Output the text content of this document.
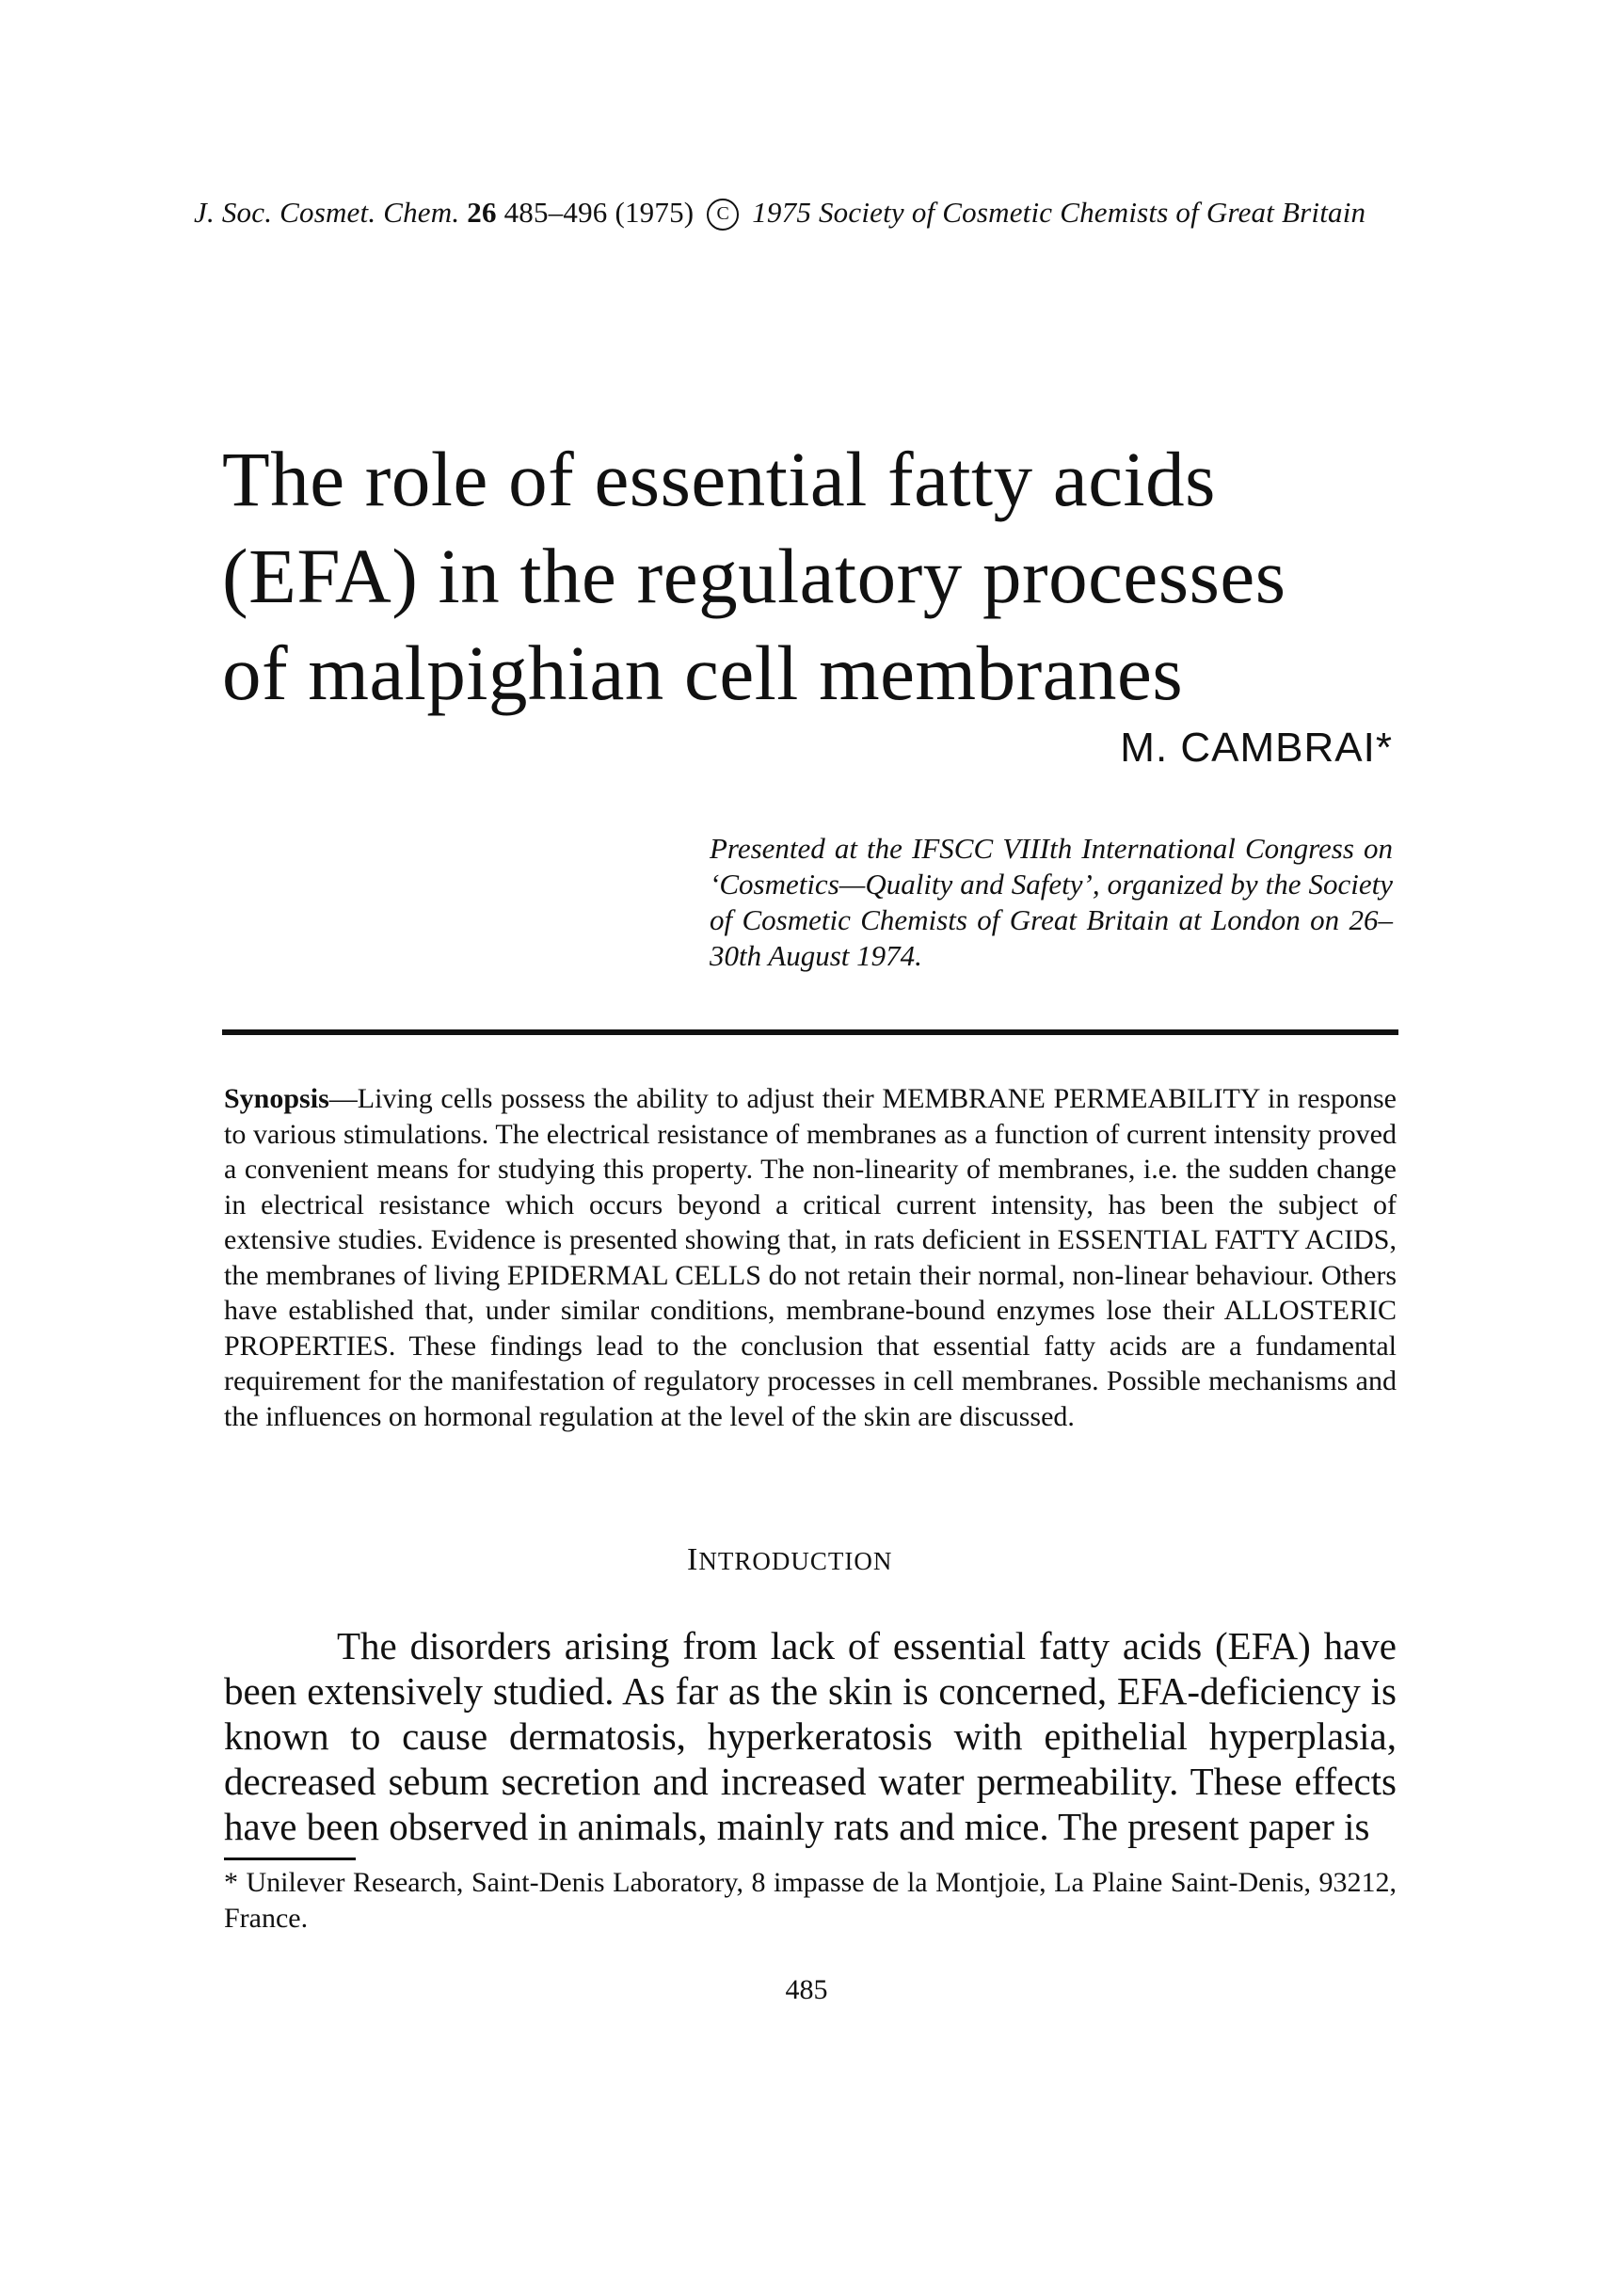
J. Soc. Cosmet. Chem. 26 485–496 (1975) C 1975 Society of Cosmetic Chemists of Great Britain
The role of essential fatty acids
(EFA) in the regulatory processes
of malpighian cell membranes
M. CAMBRAI*
Presented at the IFSCC VIIIth International Congress on ‘Cosmetics—Quality and Safety’, organized by the Society of Cosmetic Chemists of Great Britain at London on 26–30th August 1974.
Synopsis—Living cells possess the ability to adjust their MEMBRANE PERMEABILITY in response to various stimulations. The electrical resistance of membranes as a function of current intensity proved a convenient means for studying this property. The non-linearity of membranes, i.e. the sudden change in electrical resistance which occurs beyond a critical current intensity, has been the subject of extensive studies. Evidence is presented showing that, in rats deficient in ESSENTIAL FATTY ACIDS, the membranes of living EPIDERMAL CELLS do not retain their normal, non-linear behaviour. Others have established that, under similar conditions, membrane-bound enzymes lose their ALLOSTERIC PROPERTIES. These findings lead to the conclusion that essential fatty acids are a fundamental requirement for the manifestation of regulatory processes in cell membranes. Possible mechanisms and the influences on hormonal regulation at the level of the skin are discussed.
INTRODUCTION
The disorders arising from lack of essential fatty acids (EFA) have been extensively studied. As far as the skin is concerned, EFA-deficiency is known to cause dermatosis, hyperkeratosis with epithelial hyperplasia, decreased sebum secretion and increased water permeability. These effects have been observed in animals, mainly rats and mice. The present paper is
* Unilever Research, Saint-Denis Laboratory, 8 impasse de la Montjoie, La Plaine Saint-Denis, 93212, France.
485
